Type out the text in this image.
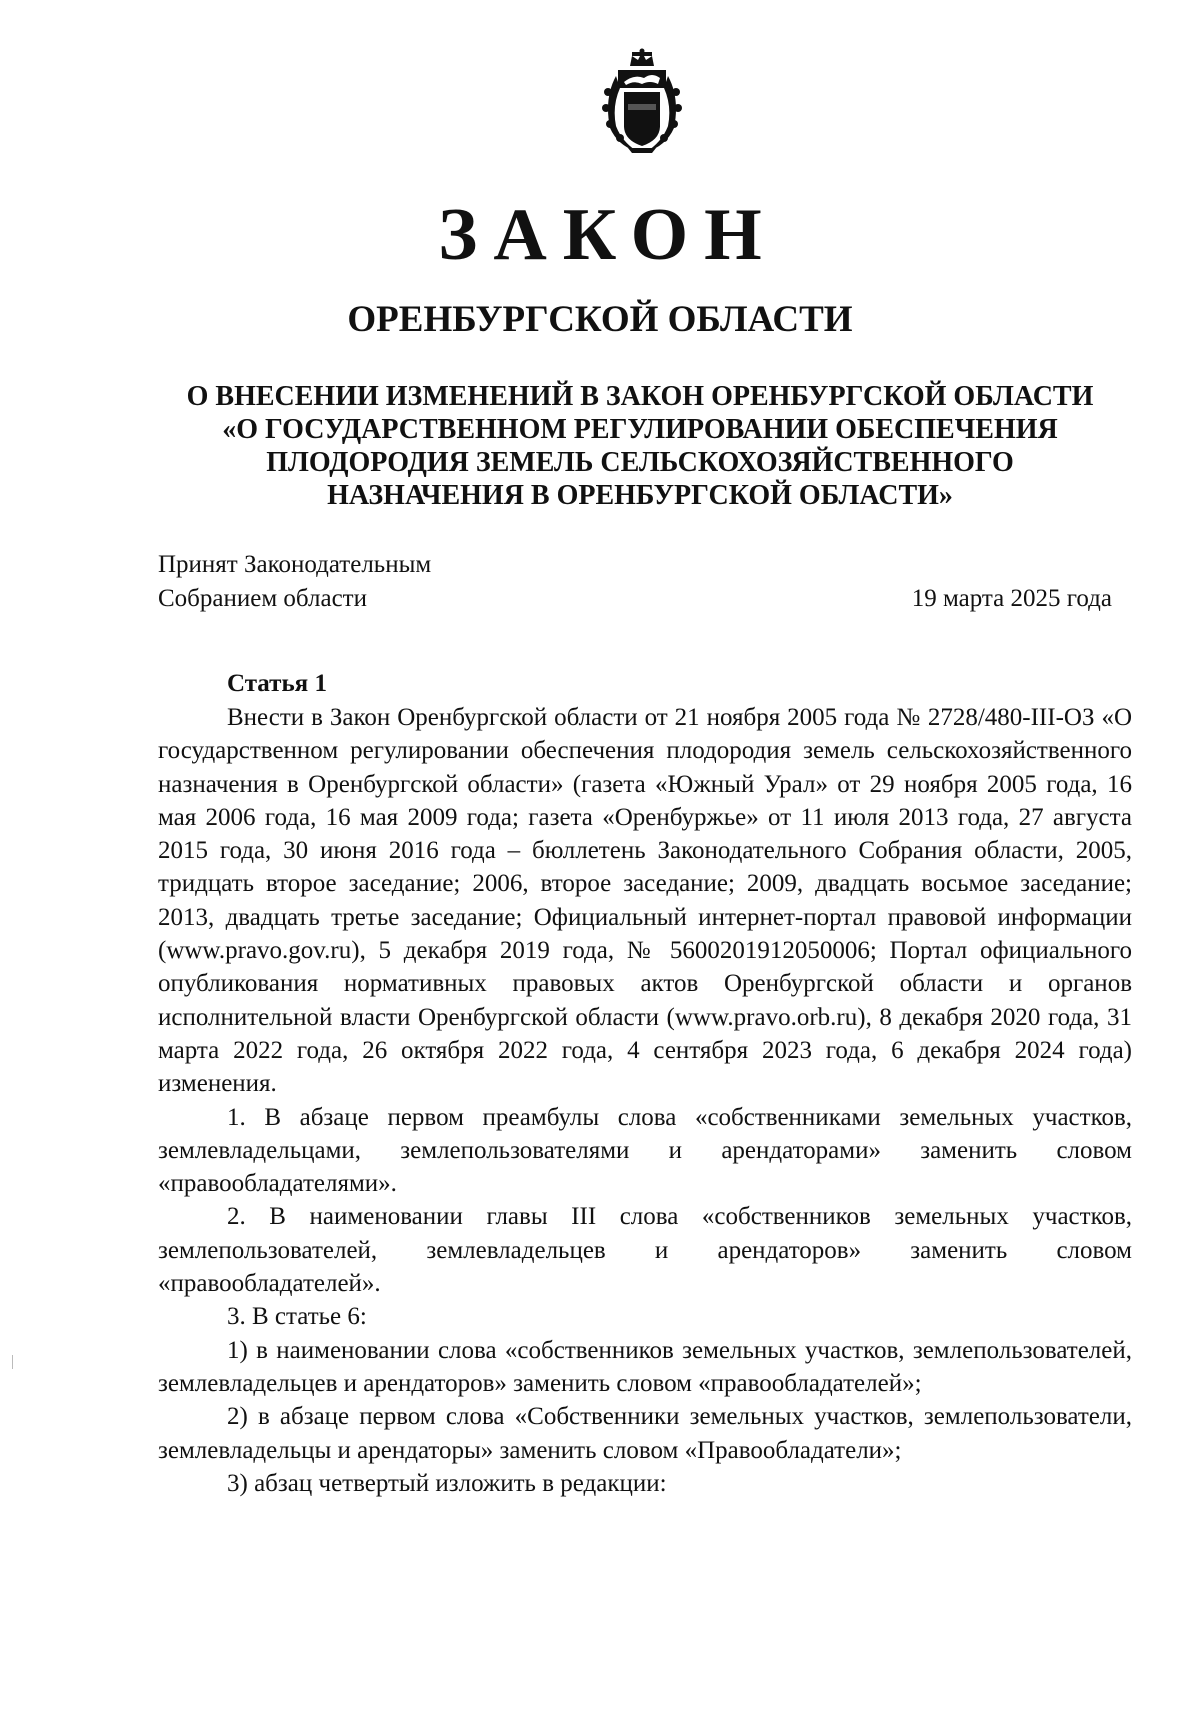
ЗАКОН
ОРЕНБУРГСКОЙ ОБЛАСТИ
О ВНЕСЕНИИ ИЗМЕНЕНИЙ В ЗАКОН ОРЕНБУРГСКОЙ ОБЛАСТИ
«О ГОСУДАРСТВЕННОМ РЕГУЛИРОВАНИИ ОБЕСПЕЧЕНИЯ
ПЛОДОРОДИЯ ЗЕМЕЛЬ СЕЛЬСКОХОЗЯЙСТВЕННОГО
НАЗНАЧЕНИЯ В ОРЕНБУРГСКОЙ ОБЛАСТИ»
Принят Законодательным
Собранием области	19 марта 2025 года
Статья 1

Внести в Закон Оренбургской области от 21 ноября 2005 года № 2728/480-III-ОЗ «О государственном регулировании обеспечения плодородия земель сельскохозяйственного назначения в Оренбургской области» (газета «Южный Урал» от 29 ноября 2005 года, 16 мая 2006 года, 16 мая 2009 года; газета «Оренбуржье» от 11 июля 2013 года, 27 августа 2015 года, 30 июня 2016 года – бюллетень Законодательного Собрания области, 2005, тридцать второе заседание; 2006, второе заседание; 2009, двадцать восьмое заседание; 2013, двадцать третье заседание; Официальный интернет-портал правовой информации (www.pravo.gov.ru), 5 декабря 2019 года, № 5600201912050006; Портал официального опубликования нормативных правовых актов Оренбургской области и органов исполнительной власти Оренбургской области (www.pravo.orb.ru), 8 декабря 2020 года, 31 марта 2022 года, 26 октября 2022 года, 4 сентября 2023 года, 6 декабря 2024 года) изменения.

1. В абзаце первом преамбулы слова «собственниками земельных участков, землевладельцами, землепользователями и арендаторами» заменить словом «правообладателями».

2. В наименовании главы III слова «собственников земельных участков, землепользователей, землевладельцев и арендаторов» заменить словом «правообладателей».

3. В статье 6:

1) в наименовании слова «собственников земельных участков, землепользователей, землевладельцев и арендаторов» заменить словом «правообладателей»;

2) в абзаце первом слова «Собственники земельных участков, землепользователи, землевладельцы и арендаторы» заменить словом «Правообладатели»;

3) абзац четвертый изложить в редакции:
